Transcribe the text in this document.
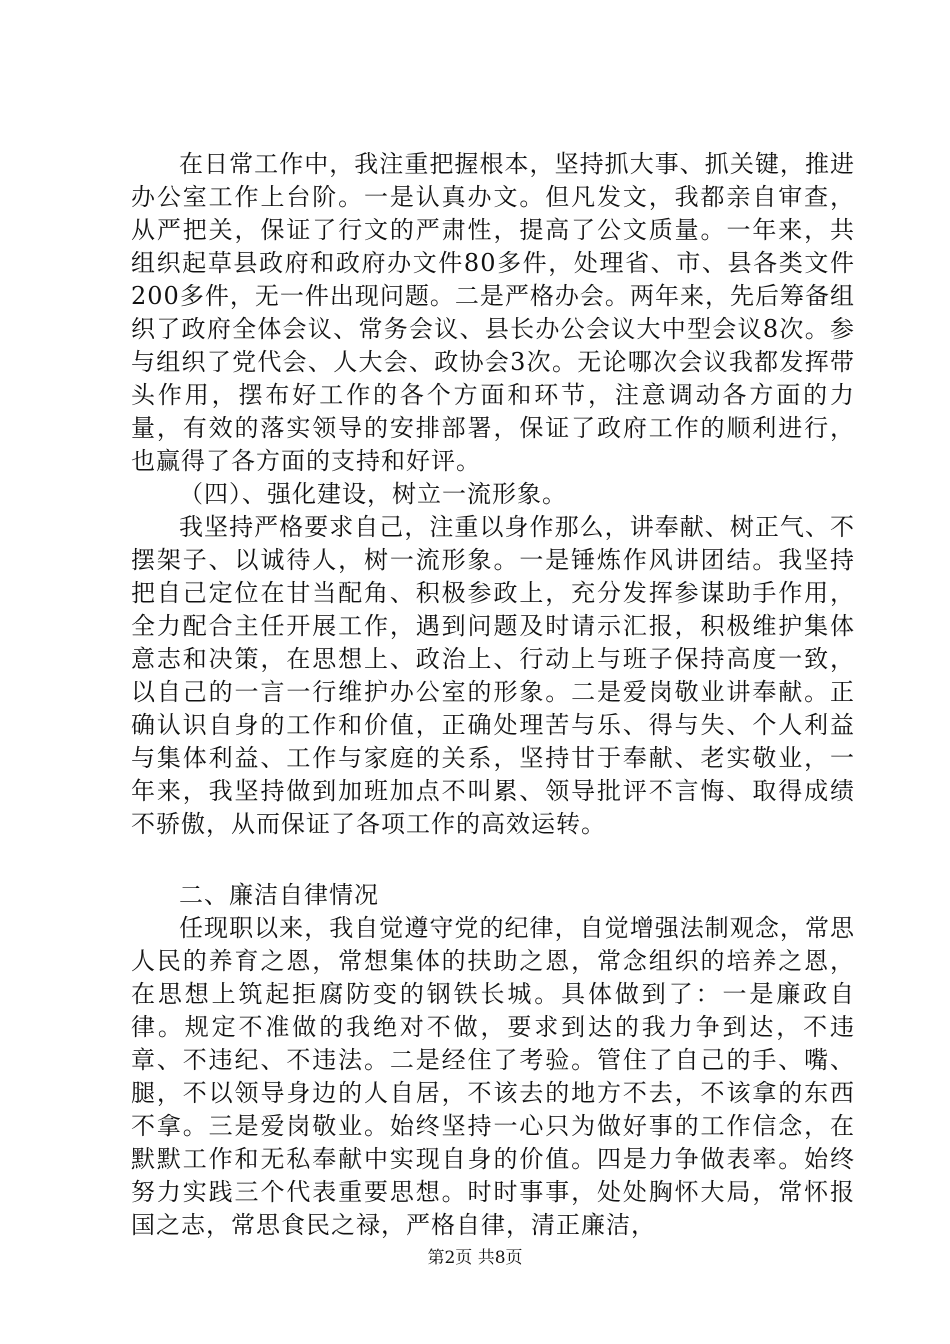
在日常工作中，我注重把握根本，坚持抓大事、抓关键，推进办公室工作上台阶。一是认真办文。但凡发文，我都亲自审查，从严把关，保证了行文的严肃性，提高了公文质量。一年来，共组织起草县政府和政府办文件80多件，处理省、市、县各类文件200多件，无一件出现问题。二是严格办会。两年来，先后筹备组织了政府全体会议、常务会议、县长办公会议大中型会议8次。参与组织了党代会、人大会、政协会3次。无论哪次会议我都发挥带头作用，摆布好工作的各个方面和环节，注意调动各方面的力量，有效的落实领导的安排部署，保证了政府工作的顺利进行，也赢得了各方面的支持和好评。

（四）、强化建设，树立一流形象。

我坚持严格要求自己，注重以身作那么，讲奉献、树正气、不摆架子、以诚待人，树一流形象。一是锤炼作风讲团结。我坚持把自己定位在甘当配角、积极参政上，充分发挥参谋助手作用，全力配合主任开展工作，遇到问题及时请示汇报，积极维护集体意志和决策，在思想上、政治上、行动上与班子保持高度一致，以自己的一言一行维护办公室的形象。二是爱岗敬业讲奉献。正确认识自身的工作和价值，正确处理苦与乐、得与失、个人利益与集体利益、工作与家庭的关系，坚持甘于奉献、老实敬业，一年来，我坚持做到加班加点不叫累、领导批评不言悔、取得成绩不骄傲，从而保证了各项工作的高效运转。

二、廉洁自律情况

任现职以来，我自觉遵守党的纪律，自觉增强法制观念，常思人民的养育之恩，常想集体的扶助之恩，常念组织的培养之恩，在思想上筑起拒腐防变的钢铁长城。具体做到了：一是廉政自律。规定不准做的我绝对不做，要求到达的我力争到达，不违章、不违纪、不违法。二是经住了考验。管住了自己的手、嘴、腿，不以领导身边的人自居，不该去的地方不去，不该拿的东西不拿。三是爱岗敬业。始终坚持一心只为做好事的工作信念，在默默工作和无私奉献中实现自身的价值。四是力争做表率。始终努力实践三个代表重要思想。时时事事，处处胸怀大局，常怀报国之志，常思食民之禄，严格自律，清正廉洁，

第2页 共8页
